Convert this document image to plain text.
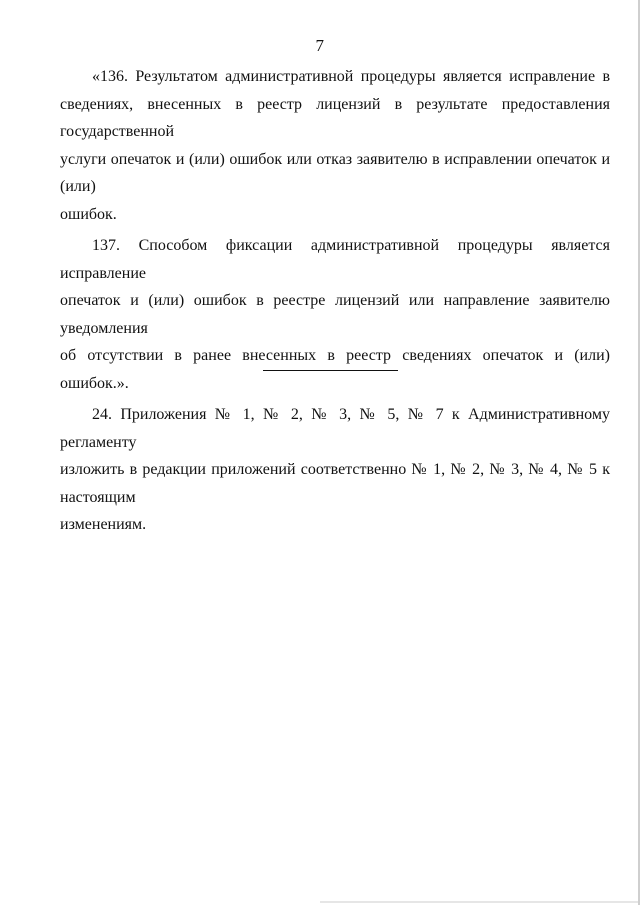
7

«136. Результатом административной процедуры является исправление в
сведениях, внесенных в реестр лицензий в результате предоставления государственной
услуги опечаток и (или) ошибок или отказ заявителю в исправлении опечаток и (или)
ошибок.

137. Способом фиксации административной процедуры является исправление
опечаток и (или) ошибок в реестре лицензий или направление заявителю уведомления
об отсутствии в ранее внесенных в реестр сведениях опечаток и (или) ошибок.».

24. Приложения № 1, № 2, № 3, № 5, № 7 к Административному регламенту
изложить в редакции приложений соответственно № 1, № 2, № 3, № 4, № 5 к настоящим
изменениям.
